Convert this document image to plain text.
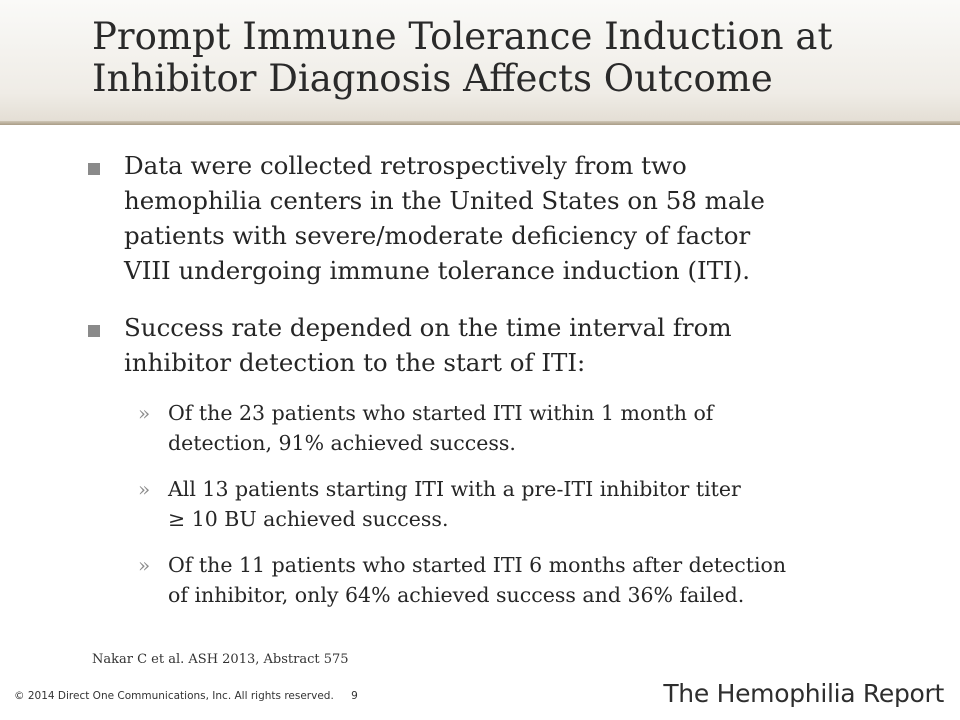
Prompt Immune Tolerance Induction at
Inhibitor Diagnosis Affects Outcome
Data were collected retrospectively from two
hemophilia centers in the United States on 58 male
patients with severe/moderate deficiency of factor
VIII undergoing immune tolerance induction (ITI).
Success rate depended on the time interval from
inhibitor detection to the start of ITI:
» Of the 23 patients who started ITI within 1 month of
detection, 91% achieved success.
» All 13 patients starting ITI with a pre-ITI inhibitor titer
≥ 10 BU achieved success.
» Of the 11 patients who started ITI 6 months after detection
of inhibitor, only 64% achieved success and 36% failed.
Nakar C et al. ASH 2013, Abstract 575
© 2014 Direct One Communications, Inc. All rights reserved. 9	The Hemophilia Report
